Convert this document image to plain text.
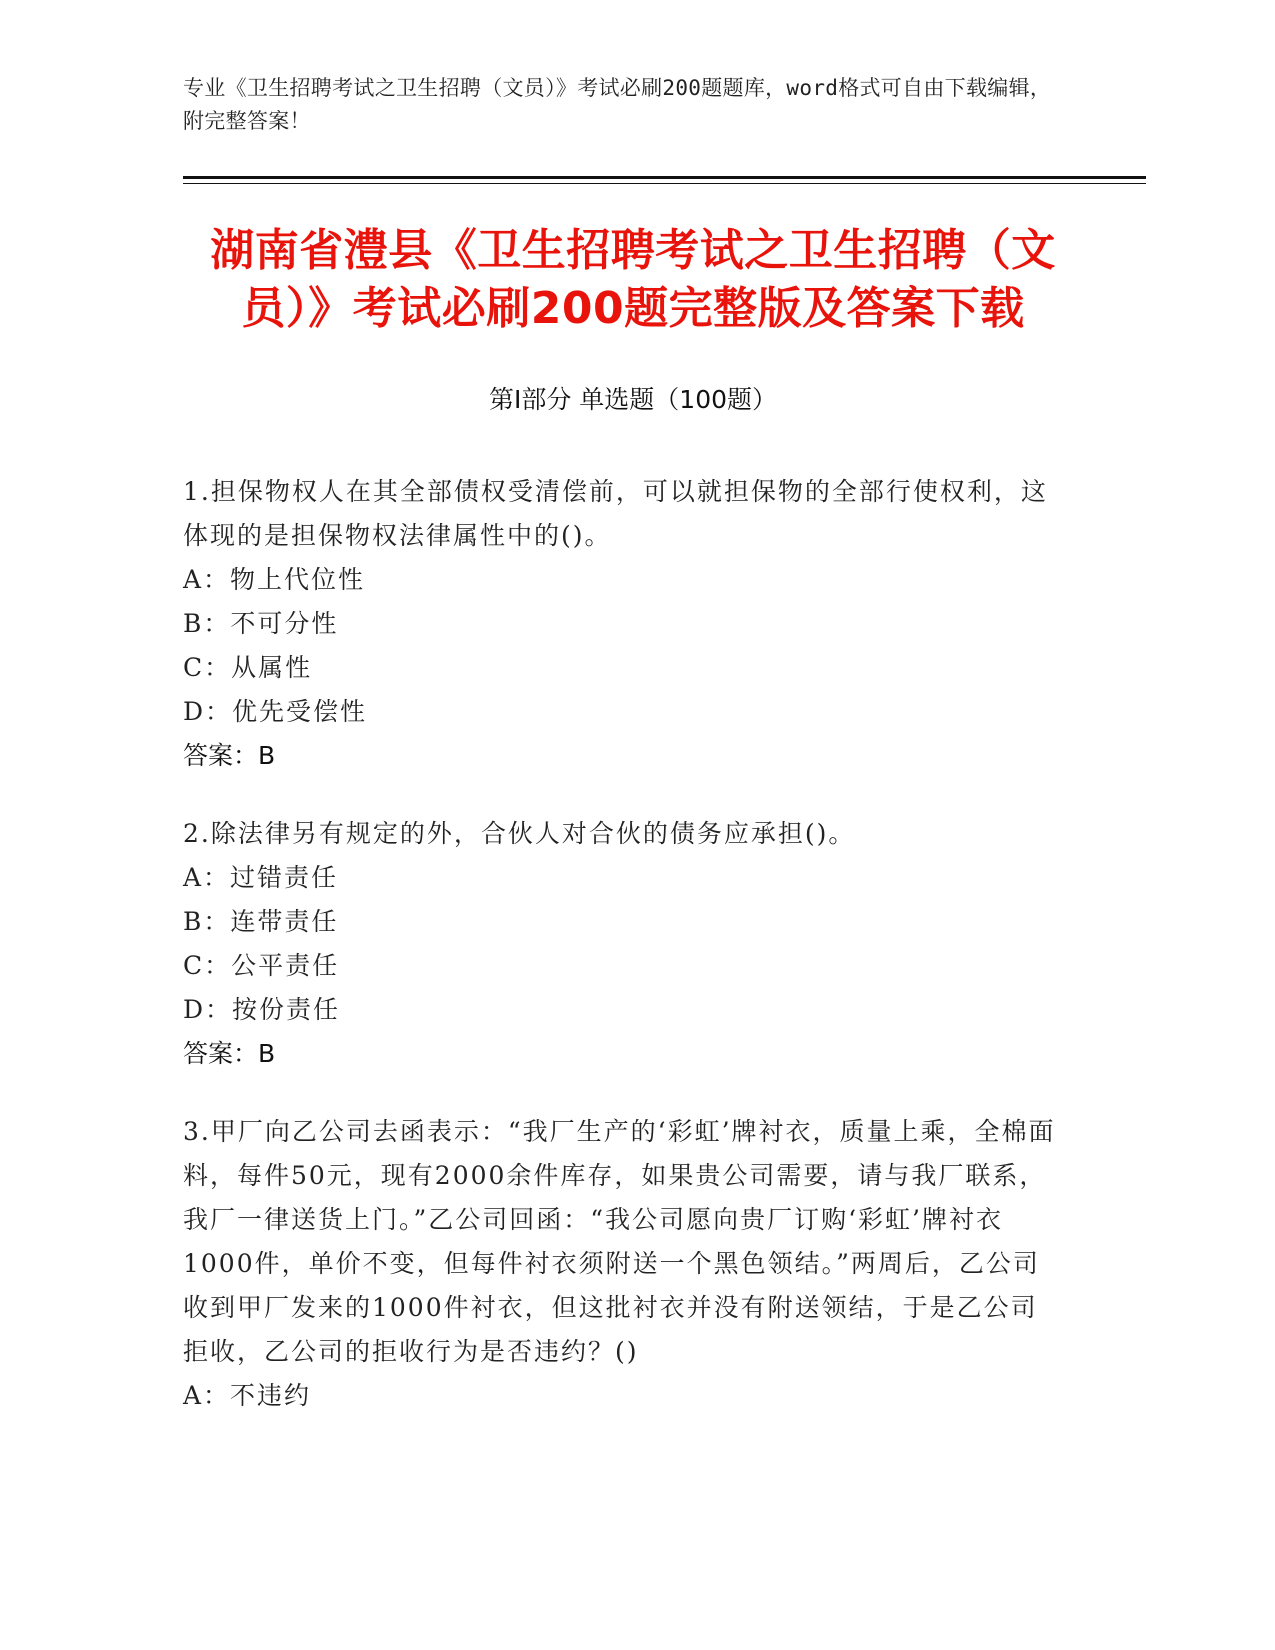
专业《卫生招聘考试之卫生招聘（文员）》考试必刷200题题库，word格式可自由下载编辑，附完整答案！
湖南省澧县《卫生招聘考试之卫生招聘（文员）》考试必刷200题完整版及答案下载
第Ⅰ部分 单选题（100题）
1.担保物权人在其全部债权受清偿前，可以就担保物的全部行使权利，这体现的是担保物权法律属性中的()。
A：物上代位性
B：不可分性
C：从属性
D：优先受偿性
答案：B
2.除法律另有规定的外，合伙人对合伙的债务应承担()。
A：过错责任
B：连带责任
C：公平责任
D：按份责任
答案：B
3.甲厂向乙公司去函表示：“我厂生产的‘彩虹’牌衬衣，质量上乘，全棉面料，每件50元，现有2000余件库存，如果贵公司需要，请与我厂联系，我厂一律送货上门。”乙公司回函：“我公司愿向贵厂订购‘彩虹’牌衬衣1000件，单价不变，但每件衬衣须附送一个黑色领结。”两周后，乙公司收到甲厂发来的1000件衬衣，但这批衬衣并没有附送领结，于是乙公司拒收，乙公司的拒收行为是否违约？()
A：不违约
